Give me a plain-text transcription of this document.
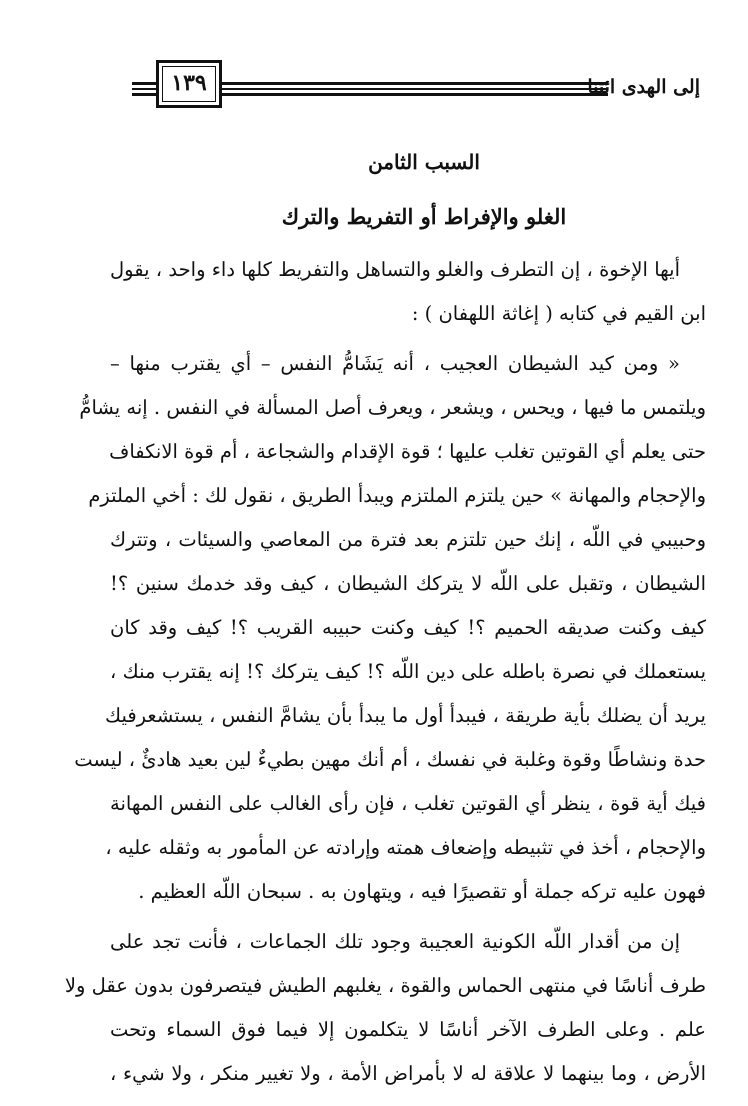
إلى الهدى ائتنا
١٣٩
السبب الثامن
الغلو والإفراط أو التفريط والترك
أيها الإخوة ، إن التطرف والغلو والتساهل والتفريط كلها داء واحد ، يقول
ابن القيم في كتابه ( إغاثة اللهفان ) :
« ومن كيد الشيطان العجيب ، أنه يَشَامُّ النفس – أي يقترب منها –
ويلتمس ما فيها ، ويحس ، ويشعر ، ويعرف أصل المسألة في النفس . إنه يشامُّ
حتى يعلم أي القوتين تغلب عليها ؛ قوة الإقدام والشجاعة ، أم قوة الانكفاف
والإحجام والمهانة » حين يلتزم الملتزم ويبدأ الطريق ، نقول لك : أخي الملتزم
وحبيبي في اللّه ، إنك حين تلتزم بعد فترة من المعاصي والسيئات ، وتترك
الشيطان ، وتقبل على اللّه لا يتركك الشيطان ، كيف وقد خدمك سنين ؟!
كيف وكنت صديقه الحميم ؟! كيف وكنت حبيبه القريب ؟! كيف وقد كان
يستعملك في نصرة باطله على دين اللّه ؟! كيف يتركك ؟! إنه يقترب منك ،
يريد أن يضلك بأية طريقة ، فيبدأ أول ما يبدأ بأن يشامَّ النفس ، يستشعرفيك
حدة ونشاطًا وقوة وغلبة في نفسك ، أم أنك مهين بطيءٌ لين بعيد هادئٌ ، ليست
فيك أية قوة ، ينظر أي القوتين تغلب ، فإن رأى الغالب على النفس المهانة
والإحجام ، أخذ في تثبيطه وإضعاف همته وإرادته عن المأمور به وثقله عليه ،
فهون عليه تركه جملة أو تقصيرًا فيه ، ويتهاون به . سبحان اللّه العظيم .
إن من أقدار اللّه الكونية العجيبة وجود تلك الجماعات ، فأنت تجد على
طرف أناسًا في منتهى الحماس والقوة ، يغلبهم الطيش فيتصرفون بدون عقل ولا
علم . وعلى الطرف الآخر أناسًا لا يتكلمون إلا فيما فوق السماء وتحت
الأرض ، وما بينهما لا علاقة له لا بأمراض الأمة ، ولا تغيير منكر ، ولا شيء ،
